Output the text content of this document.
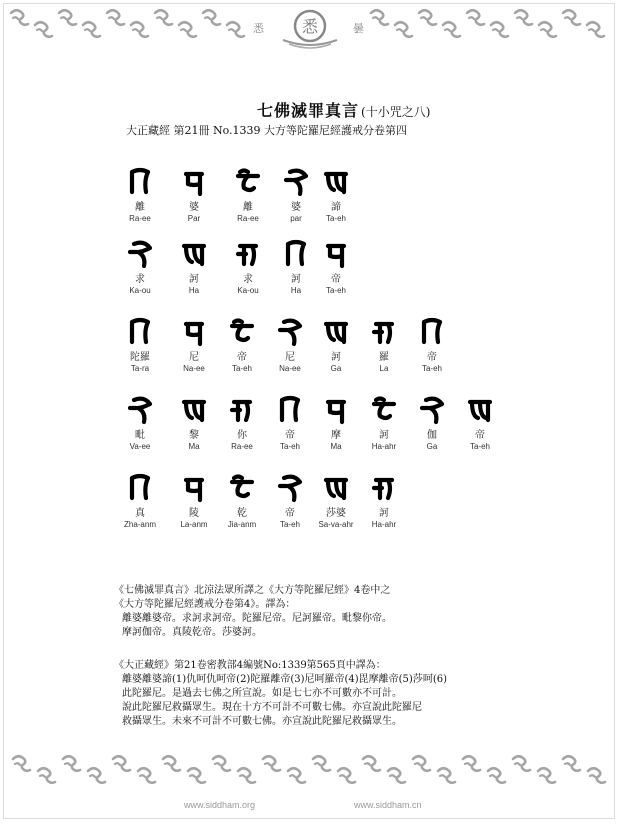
悉 悉	曇
七佛滅罪真言 (十小咒之八)
大正藏經 第21冊 No.1339 大方等陀羅尼經護戒分卷第四
離
Ra-ee
婆
Par
離
Ra-ee
婆
par
諦
Ta-eh
求
Ka-ou
訶
Ha
求
Ka-ou
訶
Ha
帝
Ta-eh
陀羅
Ta-ra
尼
Na-ee
帝
Ta-eh
尼
Na-ee
訶
Ga
羅
La
帝
Ta-eh
毗
Va-ee
黎
Ma
你
Ra-ee
帝
Ta-eh
摩
Ma
訶
Ha-ahr
伽
Ga
帝
Ta-eh
真
Zha-anm
陵
La-anm
乾
Jia-anm
帝
Ta-eh
莎婆
Sa-va-ahr
訶
Ha-ahr
《七佛滅罪真言》北涼法眾所譯之《大方等陀羅尼經》4卷中之
《大方等陀羅尼經護戒分卷第4》。譯為：
離婆離婆帝。求訶求訶帝。陀羅尼帝。尼訶羅帝。毗黎你帝。
摩訶伽帝。真陵乾帝。莎婆訶。
《大正藏經》第21卷密教部4編號No:1339第565頁中譯為：
離婆離婆諦(1)仇呵仇呵帝(2)陀羅離帝(3)尼呵羅帝(4)毘摩離帝(5)莎呵(6)
此陀羅尼。是過去七佛之所宣說。如是七七亦不可數亦不可計。
說此陀羅尼救攝眾生。現在十方不可計不可數七佛。亦宣說此陀羅尼
救攝眾生。未來不可計不可數七佛。亦宣說此陀羅尼救攝眾生。
www.siddham.org	www.siddham.cn
